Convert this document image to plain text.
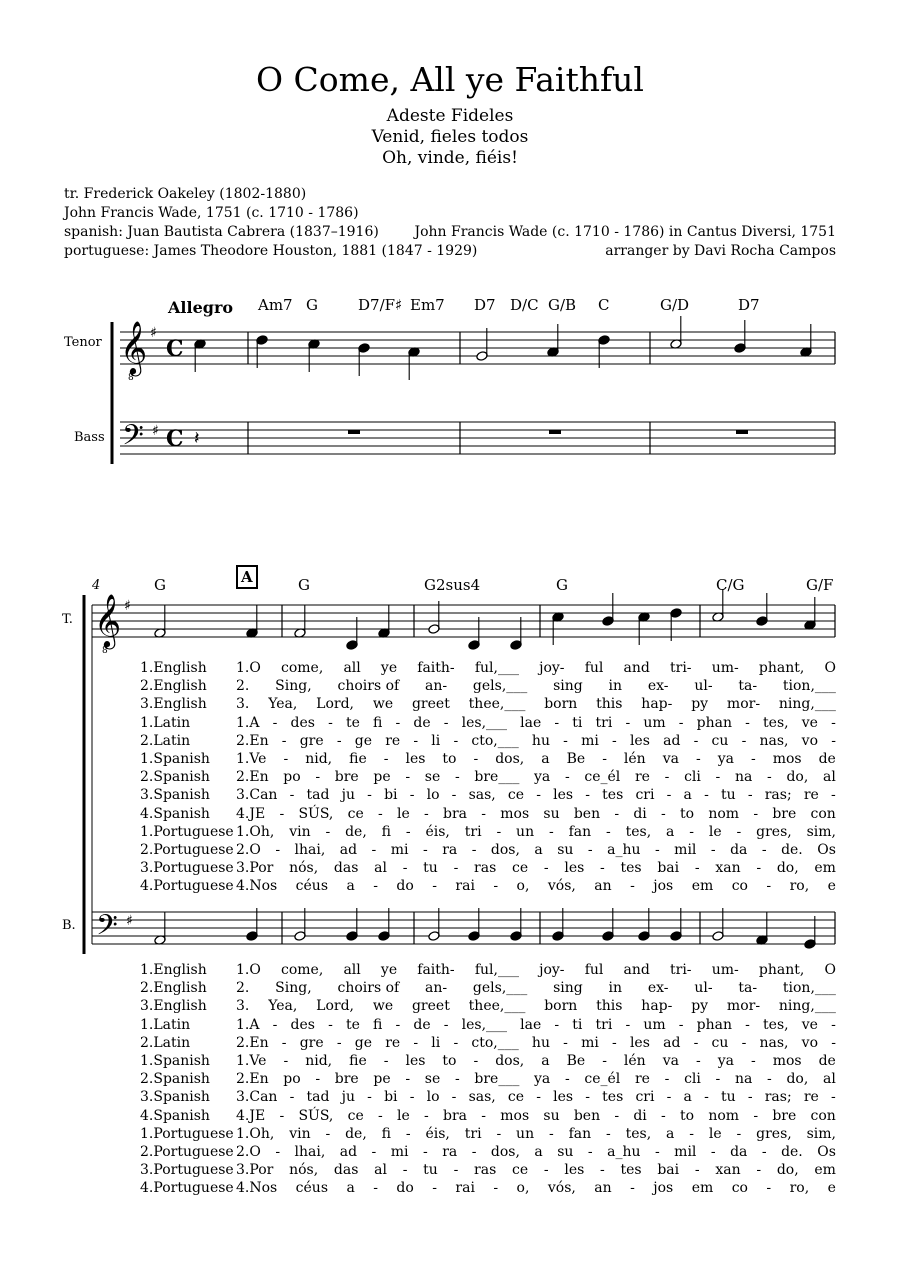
O Come, All ye Faithful
Adeste Fideles
Venid, fieles todos
Oh, vinde, fiéis!
tr. Frederick Oakeley (1802-1880)
John Francis Wade, 1751 (c. 1710 - 1786)
spanish: Juan Bautista Cabrera (1837–1916)
portuguese: James Theodore Houston, 1881 (1847 - 1929)
John Francis Wade (c. 1710 - 1786) in Cantus Diversi, 1751
arranger by Davi Rocha Campos
Allegro Am7 G	D7/F♯ Em7 D7 D/C G/B C	G/D	D7
Tenor
Bass
4	A
G	G	G2sus4	G	C/G	G/F
T.
B.
𝄞
8
𝄢
♯
♯
C
C 𝄽
𝄞
8
𝄢
♯
♯
1.English 1.O come, all ye faith- ful,___ joy- ful and tri- um- phant, O
2.English 2. Sing, choirs of an- gels,___ sing in ex- ul- ta- tion,___
3.English 3. Yea, Lord, we greet thee,___ born this hap- py mor- ning,___
1.Latin	1.A - des - te fi - de - les,___ lae - ti tri - um - phan - tes, ve -
2.Latin	2.En - gre - ge re - li - cto,___ hu - mi - les ad - cu - nas, vo -
1.Spanish 1.Ve - nid, fie - les to - dos, a Be - lén va - ya - mos de
2.Spanish 2.En po - bre pe - se - bre___ ya - ce_él re - cli - na - do, al
3.Spanish 3.Can - tad ju - bi - lo - sas, ce - les - tes cri - a - tu - ras; re -
4.Spanish 4.JE - SÚS, ce - le - bra - mos su ben - di - to nom - bre con
1.Portuguese 1.Oh, vin - de, fi - éis, tri - un - fan - tes, a - le - gres, sim,
2.Portuguese 2.O - lhai, ad - mi - ra - dos, a su - a_hu - mil - da - de. Os
3.Portuguese 3.Por nós, das al - tu - ras ce - les - tes bai - xan - do, em
4.Portuguese 4.Nos céus a - do - rai - o, vós, an - jos em co - ro, e
1.English 1.O come, all ye faith- ful,___ joy- ful and tri- um- phant, O
2.English 2. Sing, choirs of an- gels,___ sing in ex- ul- ta- tion,___
3.English 3. Yea, Lord, we greet thee,___ born this hap- py mor- ning,___
1.Latin	1.A - des - te fi - de - les,___ lae - ti tri - um - phan - tes, ve -
2.Latin	2.En - gre - ge re - li - cto,___ hu - mi - les ad - cu - nas, vo -
1.Spanish 1.Ve - nid, fie - les to - dos, a Be - lén va - ya - mos de
2.Spanish 2.En po - bre pe - se - bre___ ya - ce_él re - cli - na - do, al
3.Spanish 3.Can - tad ju - bi - lo - sas, ce - les - tes cri - a - tu - ras; re -
4.Spanish 4.JE - SÚS, ce - le - bra - mos su ben - di - to nom - bre con
1.Portuguese 1.Oh, vin - de, fi - éis, tri - un - fan - tes, a - le - gres, sim,
2.Portuguese 2.O - lhai, ad - mi - ra - dos, a su - a_hu - mil - da - de. Os
3.Portuguese 3.Por nós, das al - tu - ras ce - les - tes bai - xan - do, em
4.Portuguese 4.Nos céus a - do - rai - o, vós, an - jos em co - ro, e
